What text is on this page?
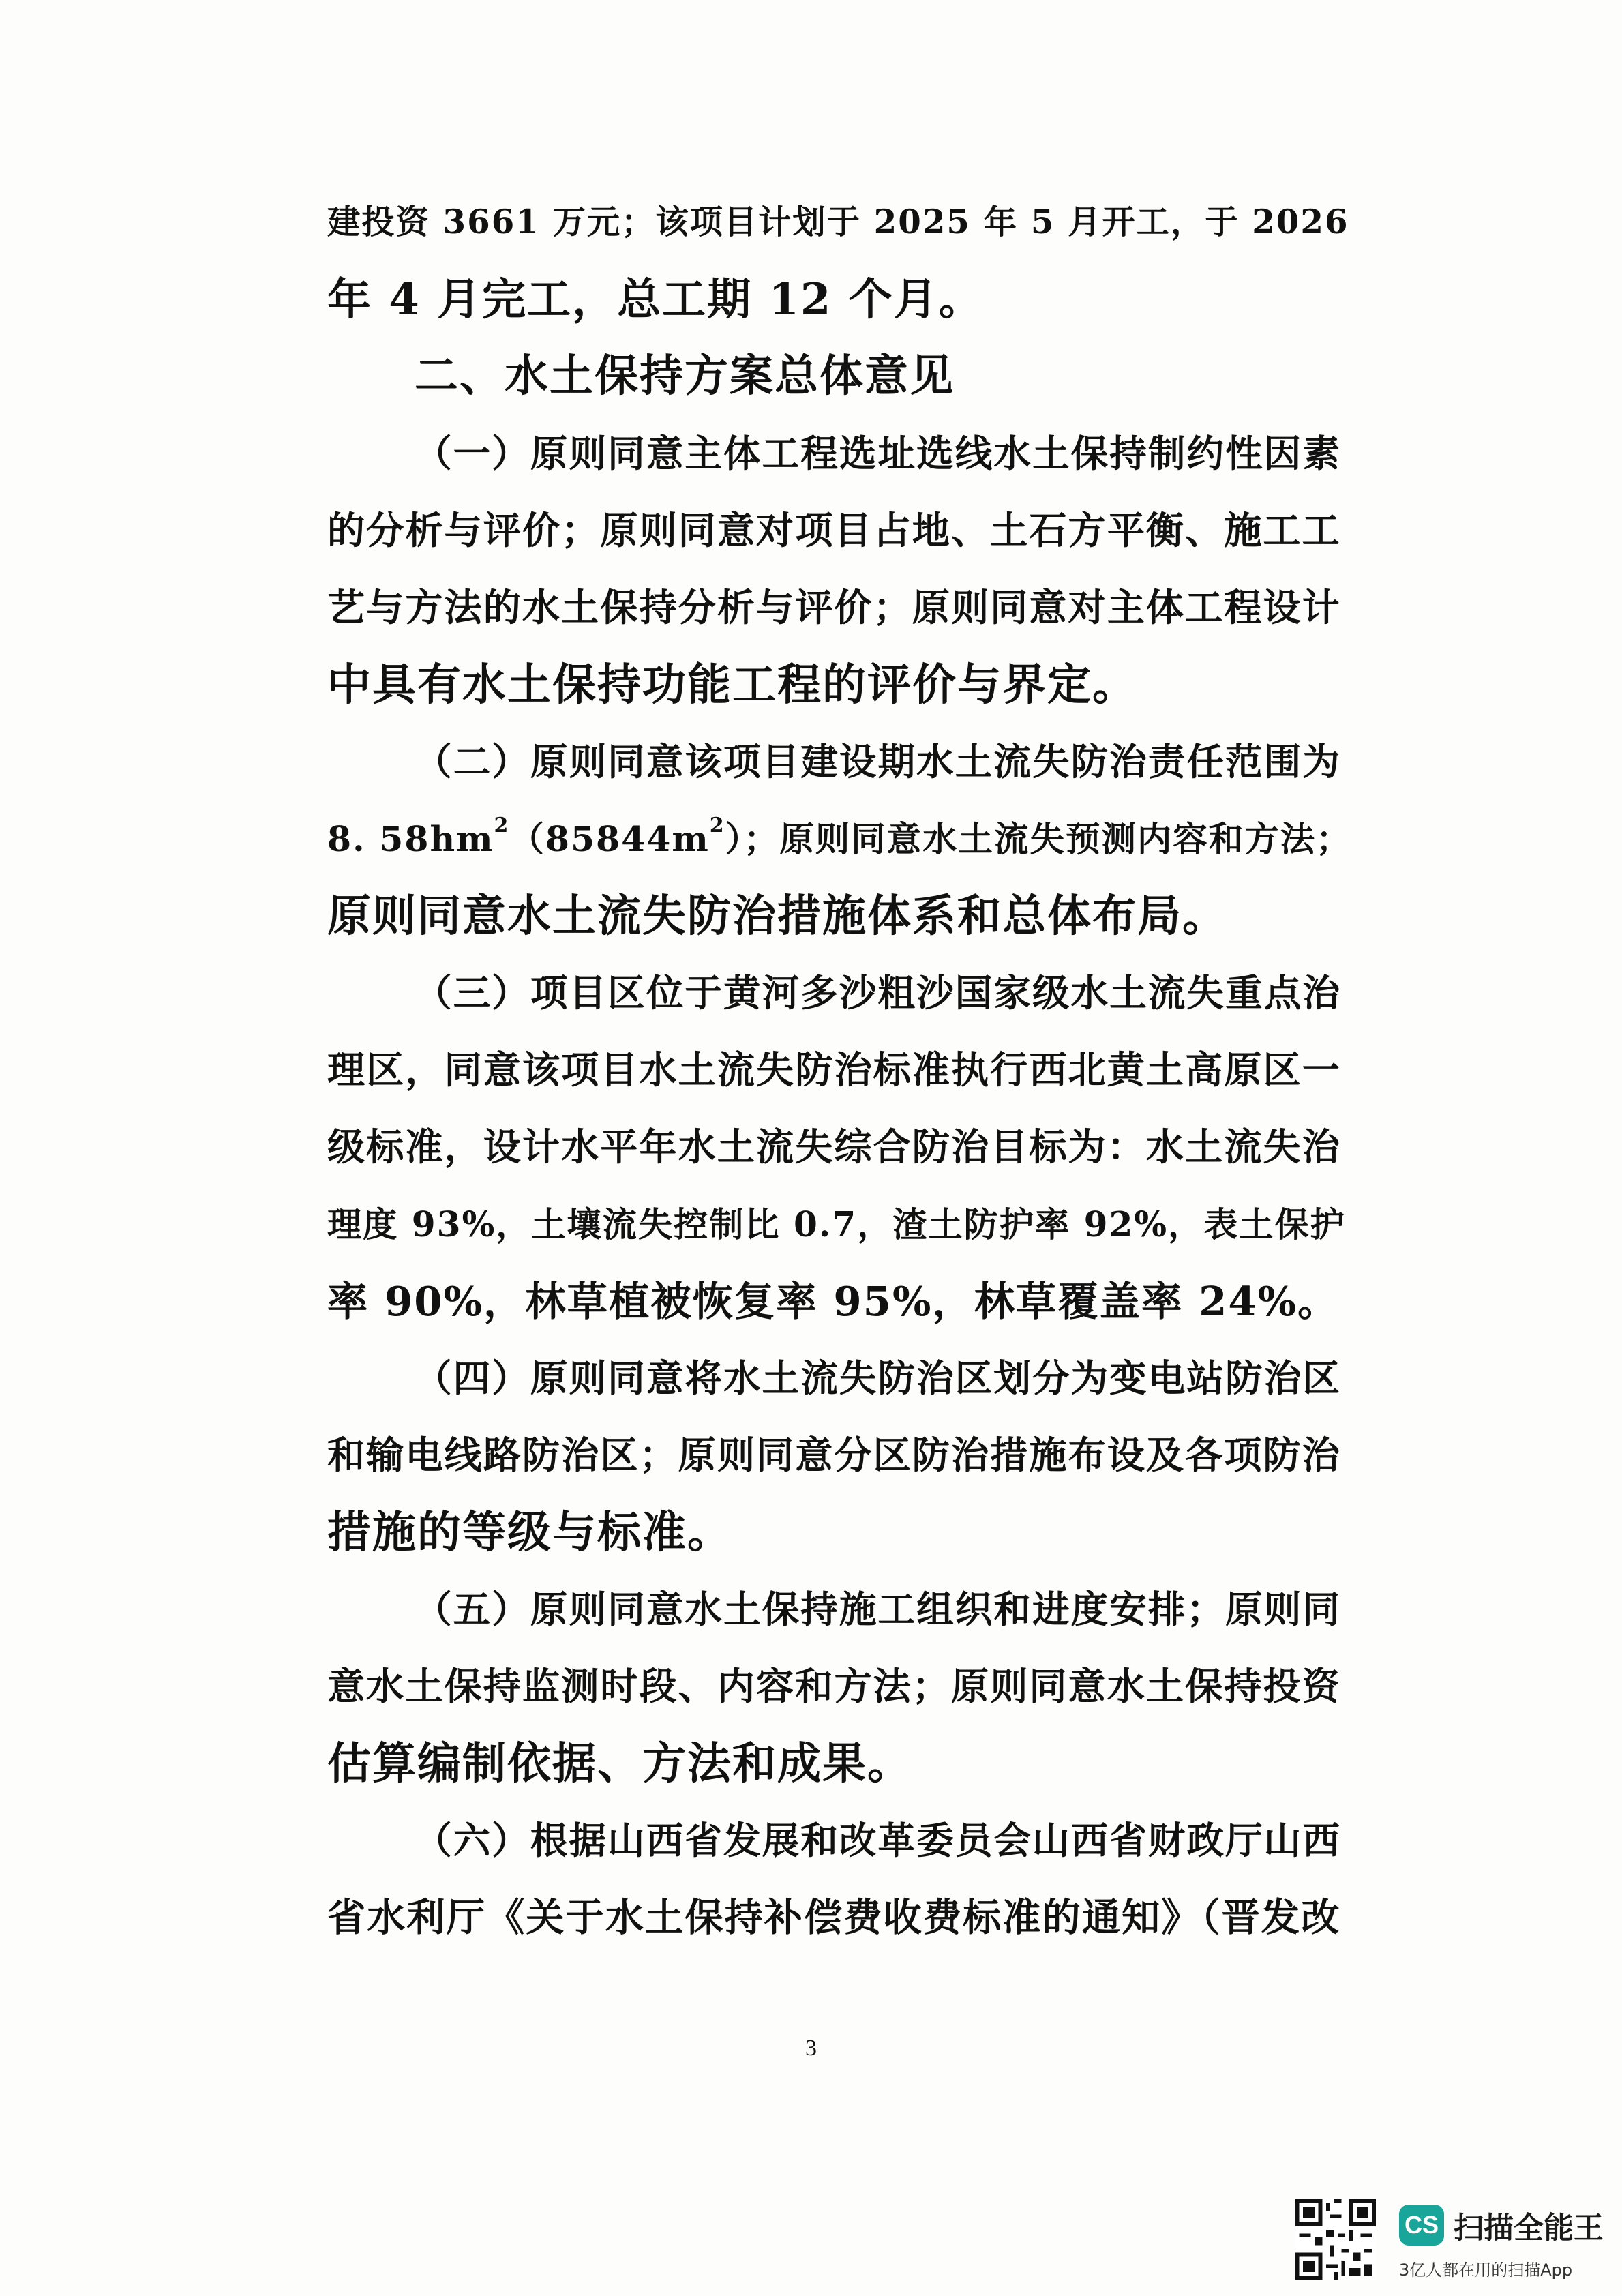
建投资 3661 万元；该项目计划于 2025 年 5 月开工，于 2026
年 4 月完工，总工期 12 个月。
二、水土保持方案总体意见
（一）原则同意主体工程选址选线水土保持制约性因素
的分析与评价；原则同意对项目占地、土石方平衡、施工工
艺与方法的水土保持分析与评价；原则同意对主体工程设计
中具有水土保持功能工程的评价与界定。
（二）原则同意该项目建设期水土流失防治责任范围为
8. $58hm^2(85844m^2)$；原则同意水土流失预测内容和方法；
原则同意水土流失防治措施体系和总体布局。
（三）项目区位于黄河多沙粗沙国家级水土流失重点治
理区，同意该项目水土流失防治标准执行西北黄土高原区一
级标准，设计水平年水土流失综合防治目标为：水土流失治
理度 93%，土壤流失控制比 0.7，渣土防护率 92%，表土保护
率 90%，林草植被恢复率 95%，林草覆盖率 24%。
（四）原则同意将水土流失防治区划分为变电站防治区
和输电线路防治区；原则同意分区防治措施布设及各项防治
措施的等级与标准。
（五）原则同意水土保持施工组织和进度安排；原则同
意水土保持监测时段、内容和方法；原则同意水土保持投资
估算编制依据、方法和成果。
（六）根据山西省发展和改革委员会山西省财政厅山西
省水利厅《关于水土保持补偿费收费标准的通知》（晋发改
3
CS 扫描全能王
3亿人都在用的扫描App
